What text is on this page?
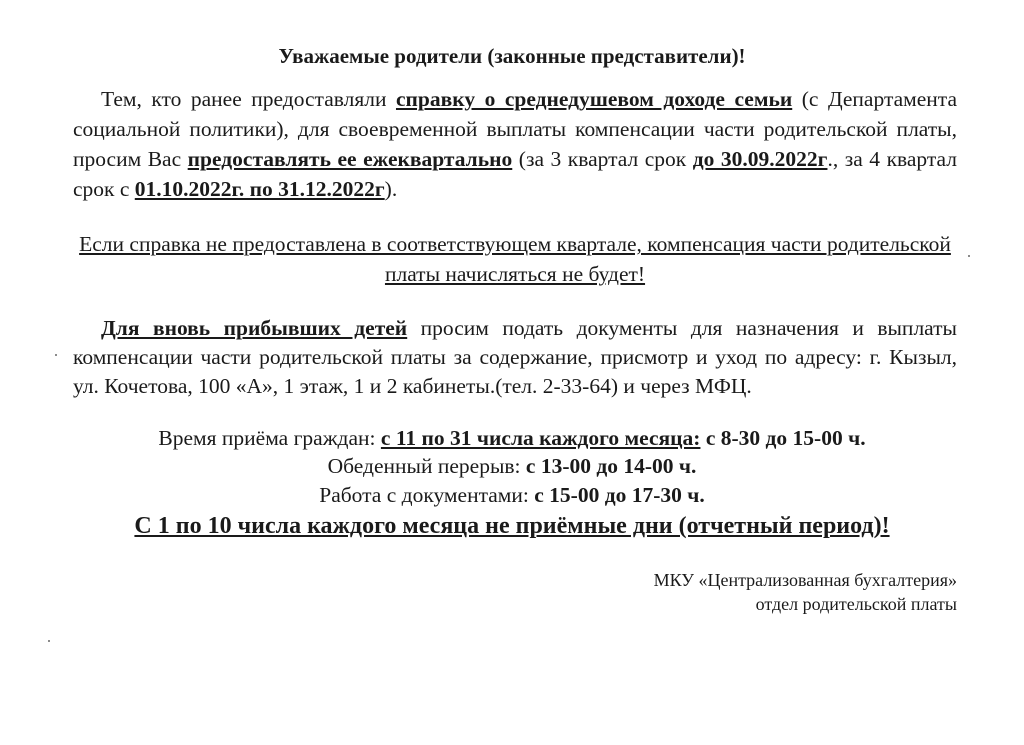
Уважаемые родители (законные представители)!
Тем, кто ранее предоставляли справку о среднедушевом доходе семьи (с Департамента социальной политики), для своевременной выплаты компенсации части родительской платы, просим Вас предоставлять ее ежеквартально (за 3 квартал срок до 30.09.2022г., за 4 квартал срок с 01.10.2022г. по 31.12.2022г).
Если справка не предоставлена в соответствующем квартале, компенсация части родительской платы начисляться не будет!
Для вновь прибывших детей просим подать документы для назначения и выплаты компенсации части родительской платы за содержание, присмотр и уход по адресу: г. Кызыл, ул. Кочетова, 100 «А», 1 этаж, 1 и 2 кабинеты.(тел. 2-33-64) и через МФЦ.
Время приёма граждан: с 11 по 31 числа каждого месяца: с 8-30 до 15-00 ч.
Обеденный перерыв: с 13-00 до 14-00 ч.
Работа с документами: с 15-00 до 17-30 ч.
С 1 по 10 числа каждого месяца не приёмные дни (отчетный период)!
МКУ «Централизованная бухгалтерия»
отдел родительской платы
